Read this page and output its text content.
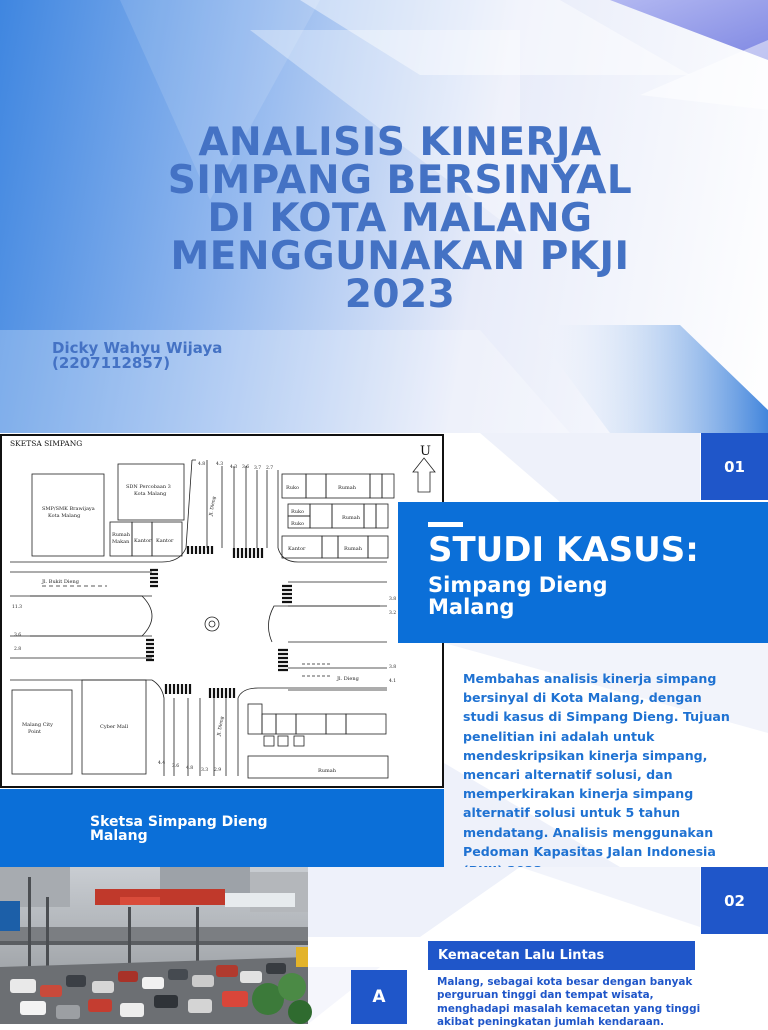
ANALISIS KINERJA
SIMPANG BERSINYAL
DI KOTA MALANG
MENGGUNAKAN PKJI
2023
Dicky Wahyu Wijaya
(2207112857)
SKETSA SIMPANG
U
SMP/SMK Brawijaya
Kota Malang
SDN Percobaan 3
Kota Malang
Rumah
Makan Kantor Kantor
4.8 4.3
4.3 3.6 3.7 2.7
Jl. Dieng
Ruko	Rumah
Ruko
Ruko
Rumah
Kantor	Rumah
Jl. Bukit Dieng
11.3
3.6
2.8
Jl. Dieng
3.8
3.2
3.8
4.1
Jl. Dieng
4.4
3.6 4.8 3.3 2.9
Malang City
Point
Cyber Mall
Rumah
Sketsa Simpang Dieng
Malang
01
STUDI KASUS:
Simpang Dieng
Malang
Membahas analisis kinerja simpang
bersinyal di Kota Malang, dengan
studi kasus di Simpang Dieng. Tujuan
penelitian ini adalah untuk
mendeskripsikan kinerja simpang,
mencari alternatif solusi, dan
memperkirakan kinerja simpang
alternatif solusi untuk 5 tahun
mendatang. Analisis menggunakan
Pedoman Kapasitas Jalan Indonesia
02
Kemacetan Lalu Lintas
A
Malang, sebagai kota besar dengan banyak
perguruan tinggi dan tempat wisata,
menghadapi masalah kemacetan yang tinggi
akibat peningkatan jumlah kendaraan.
